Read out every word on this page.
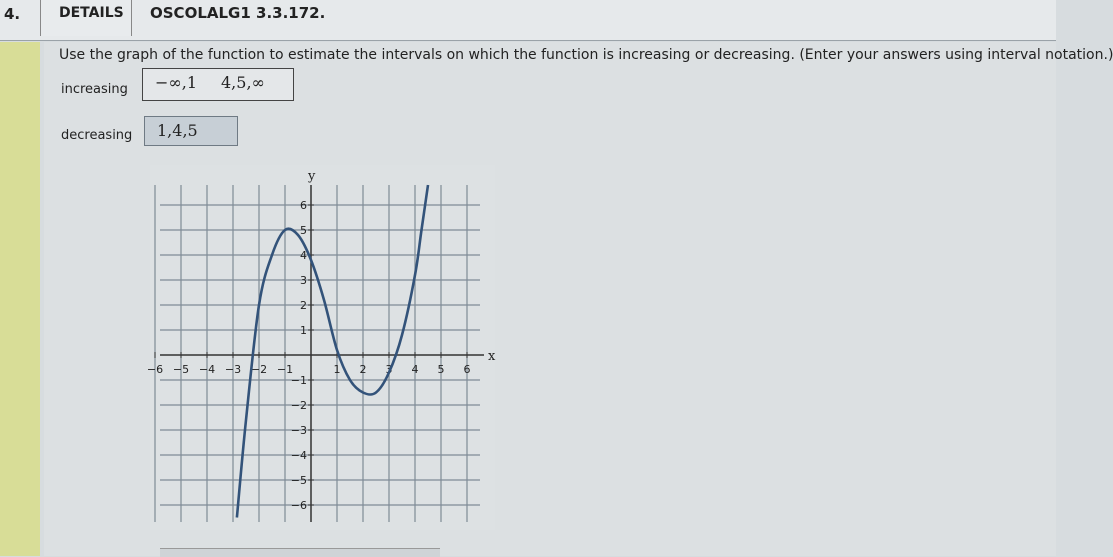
4.	DETAILS OSCOLALG1 3.3.172.
Use the graph of the function to estimate the intervals on which the function is increasing or decreasing. (Enter your answers using interval notation.)
increasing	−∞,1 4,5,∞
decreasing	1,4,5
x
y
−6 −5 −4 −3 −2 −1	1 2 3 4 5 6
−6
−5
−4
−3
−2
−1
1
2
3
4
5
6
